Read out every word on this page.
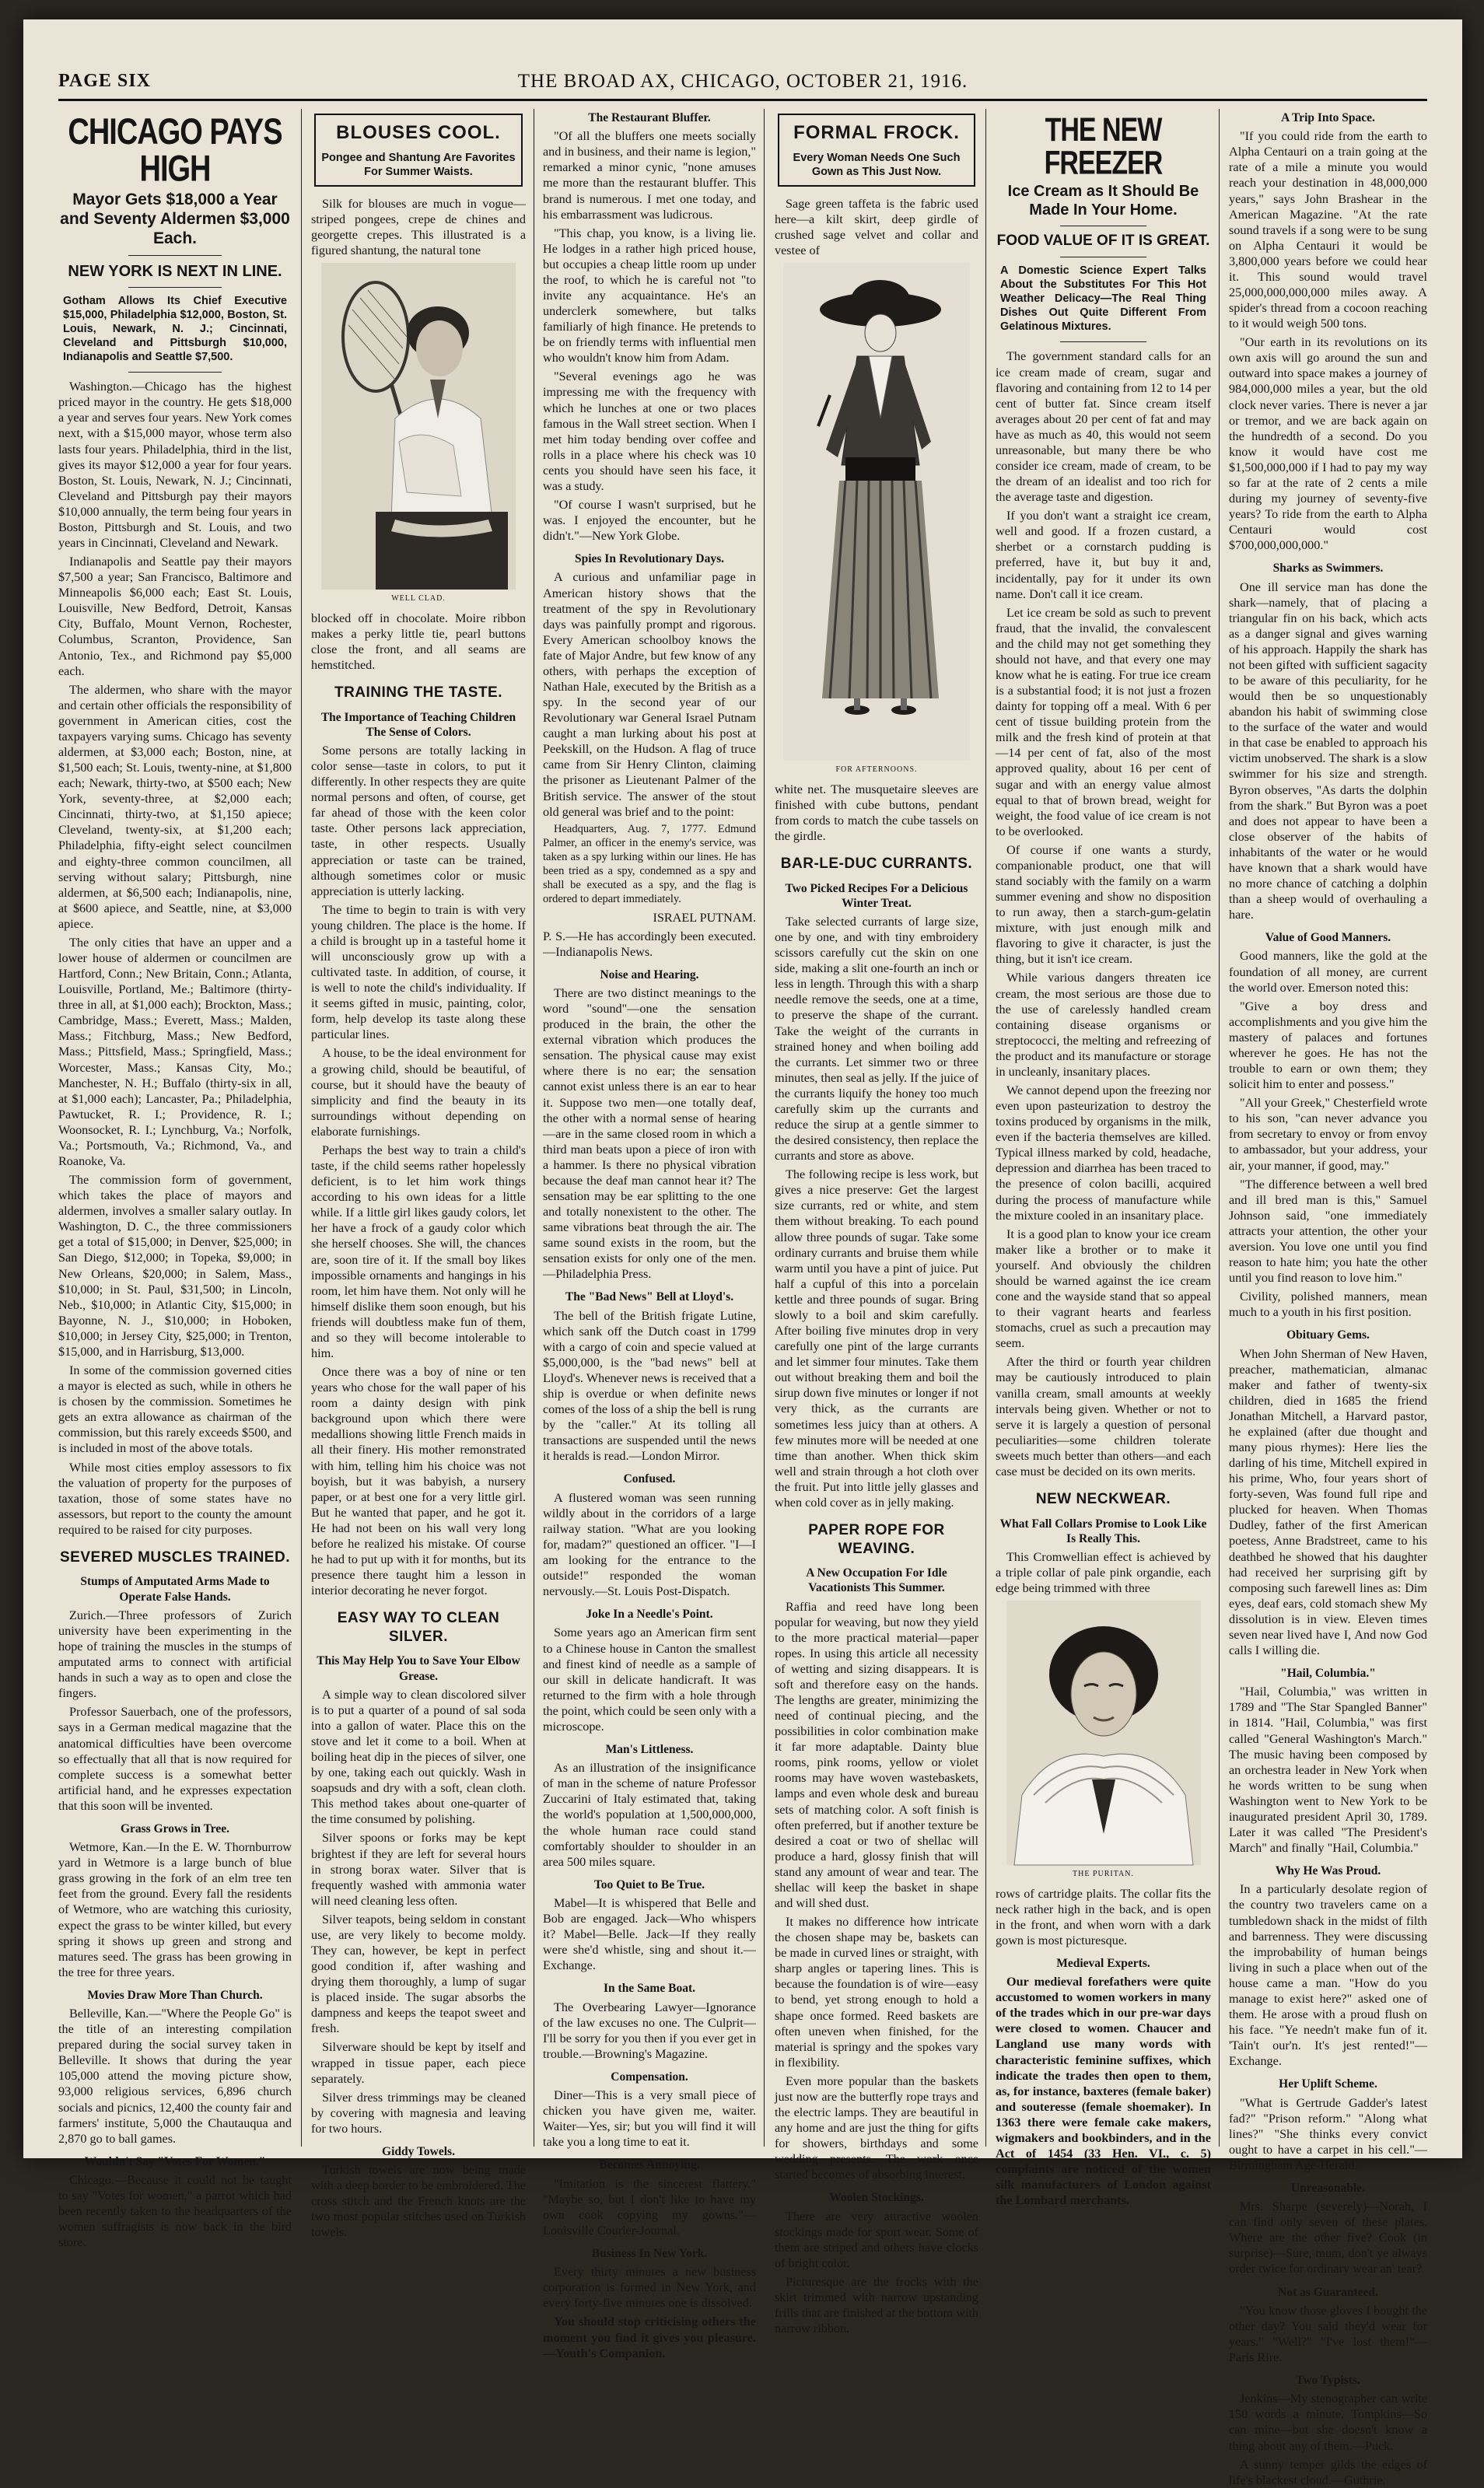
PAGE SIX	THE BROAD AX, CHICAGO, OCTOBER 21, 1916.
CHICAGO PAYS HIGH
Mayor Gets $18,000 a Year and Seventy Aldermen $3,000 Each.
NEW YORK IS NEXT IN LINE.
Gotham Allows Its Chief Executive $15,000, Philadelphia $12,000, Boston, St. Louis, Newark, N. J.; Cincinnati, Cleveland and Pittsburgh $10,000, Indianapolis and Seattle $7,500.

Washington.—Chicago has the highest priced mayor in the country. He gets $18,000 a year and serves four years. New York comes next, with a $15,000 mayor, whose term also lasts four years. Philadelphia, third in the list, gives its mayor $12,000 a year for four years. Boston, St. Louis, Newark, N. J.; Cincinnati, Cleveland and Pittsburgh pay their mayors $10,000 annually, the term being four years in Boston, Pittsburgh and St. Louis, and two years in Cincinnati, Cleveland and Newark.

Indianapolis and Seattle pay their mayors $7,500 a year; San Francisco, Baltimore and Minneapolis $6,000 each; East St. Louis, Louisville, New Bedford, Detroit, Kansas City, Buffalo, Mount Vernon, Rochester, Columbus, Scranton, Providence, San Antonio, Tex., and Richmond pay $5,000 each.

The aldermen, who share with the mayor and certain other officials the responsibility of government in American cities, cost the taxpayers varying sums. Chicago has seventy aldermen, at $3,000 each; Boston, nine, at $1,500 each; St. Louis, twenty-nine, at $1,800 each; Newark, thirty-two, at $500 each; New York, seventy-three, at $2,000 each; Cincinnati, thirty-two, at $1,150 apiece; Cleveland, twenty-six, at $1,200 each; Philadelphia, fifty-eight select councilmen and eighty-three common councilmen, all serving without salary; Pittsburgh, nine aldermen, at $6,500 each; Indianapolis, nine, at $600 apiece, and Seattle, nine, at $3,000 apiece.

The only cities that have an upper and a lower house of aldermen or councilmen are Hartford, Conn.; New Britain, Conn.; Atlanta, Louisville, Portland, Me.; Baltimore (thirty-three in all, at $1,000 each); Brockton, Mass.; Cambridge, Mass.; Everett, Mass.; Malden, Mass.; Fitchburg, Mass.; New Bedford, Mass.; Pittsfield, Mass.; Springfield, Mass.; Worcester, Mass.; Kansas City, Mo.; Manchester, N. H.; Buffalo (thirty-six in all, at $1,000 each); Lancaster, Pa.; Philadelphia, Pawtucket, R. I.; Providence, R. I.; Woonsocket, R. I.; Lynchburg, Va.; Norfolk, Va.; Portsmouth, Va.; Richmond, Va., and Roanoke, Va.

The commission form of government, which takes the place of mayors and aldermen, involves a smaller salary outlay. In Washington, D. C., the three commissioners get a total of $15,000; in Denver, $25,000; in San Diego, $12,000; in Topeka, $9,000; in New Orleans, $20,000; in Salem, Mass., $10,000; in St. Paul, $31,500; in Lincoln, Neb., $10,000; in Atlantic City, $15,000; in Bayonne, N. J., $10,000; in Hoboken, $10,000; in Jersey City, $25,000; in Trenton, $15,000, and in Harrisburg, $13,000.

In some of the commission governed cities a mayor is elected as such, while in others he is chosen by the commission. Sometimes he gets an extra allowance as chairman of the commission, but this rarely exceeds $500, and is included in most of the above totals.

While most cities employ assessors to fix the valuation of property for the purposes of taxation, those of some states have no assessors, but report to the county the amount required to be raised for city purposes.

SEVERED MUSCLES TRAINED.
Stumps of Amputated Arms Made to Operate False Hands.

Zurich.—Three professors of Zurich university have been experimenting in the hope of training the muscles in the stumps of amputated arms to connect with artificial hands in such a way as to open and close the fingers.

Professor Sauerbach, one of the professors, says in a German medical magazine that the anatomical difficulties have been overcome so effectually that all that is now required for complete success is a somewhat better artificial hand, and he expresses expectation that this soon will be invented.

Grass Grows in Tree.

Wetmore, Kan.—In the E. W. Thornburrow yard in Wetmore is a large bunch of blue grass growing in the fork of an elm tree ten feet from the ground. Every fall the residents of Wetmore, who are watching this curiosity, expect the grass to be winter killed, but every spring it shows up green and strong and matures seed. The grass has been growing in the tree for three years.

Movies Draw More Than Church.

Belleville, Kan.—"Where the People Go" is the title of an interesting compilation prepared during the social survey taken in Belleville. It shows that during the year 105,000 attend the moving picture show, 93,000 religious services, 6,896 church socials and picnics, 12,400 the county fair and farmers' institute, 5,000 the Chautauqua and 2,870 go to ball games.

Wouldn't Say "Votes For Women."

Chicago.—Because it could not be taught to say "Votes for women," a parrot which had been recently taken to the headquarters of the women suffragists is now back in the bird store.

BLOUSES COOL.
Pongee and Shantung Are Favorites For Summer Waists.

Silk for blouses are much in vogue—striped pongees, crepe de chines and georgette crepes. This illustrated is a figured shantung, the natural tone

WELL CLAD.

blocked off in chocolate. Moire ribbon makes a perky little tie, pearl buttons close the front, and all seams are hemstitched.

TRAINING THE TASTE.
The Importance of Teaching Children The Sense of Colors.

Some persons are totally lacking in color sense—taste in colors, to put it differently. In other respects they are quite normal persons and often, of course, get far ahead of those with the keen color taste. Other persons lack appreciation, taste, in other respects. Usually appreciation or taste can be trained, although sometimes color or music appreciation is utterly lacking.

The time to begin to train is with very young children. The place is the home. If a child is brought up in a tasteful home it will unconsciously grow up with a cultivated taste. In addition, of course, it is well to note the child's individuality. If it seems gifted in music, painting, color, form, help develop its taste along these particular lines.

A house, to be the ideal environment for a growing child, should be beautiful, of course, but it should have the beauty of simplicity and find the beauty in its surroundings without depending on elaborate furnishings.

Perhaps the best way to train a child's taste, if the child seems rather hopelessly deficient, is to let him work things according to his own ideas for a little while. If a little girl likes gaudy colors, let her have a frock of a gaudy color which she herself chooses. She will, the chances are, soon tire of it. If the small boy likes impossible ornaments and hangings in his room, let him have them. Not only will he himself dislike them soon enough, but his friends will doubtless make fun of them, and so they will become intolerable to him.

Once there was a boy of nine or ten years who chose for the wall paper of his room a dainty design with pink background upon which there were medallions showing little French maids in all their finery. His mother remonstrated with him, telling him his choice was not boyish, but it was babyish, a nursery paper, or at best one for a very little girl. But he wanted that paper, and he got it. He had not been on his wall very long before he realized his mistake. Of course he had to put up with it for months, but its presence there taught him a lesson in interior decorating he never forgot.

EASY WAY TO CLEAN SILVER.
This May Help You to Save Your Elbow Grease.

A simple way to clean discolored silver is to put a quarter of a pound of sal soda into a gallon of water. Place this on the stove and let it come to a boil. When at boiling heat dip in the pieces of silver, one by one, taking each out quickly. Wash in soapsuds and dry with a soft, clean cloth. This method takes about one-quarter of the time consumed by polishing.

Silver spoons or forks may be kept brightest if they are left for several hours in strong borax water. Silver that is frequently washed with ammonia water will need cleaning less often.

Silver teapots, being seldom in constant use, are very likely to become moldy. They can, however, be kept in perfect good condition if, after washing and drying them thoroughly, a lump of sugar is placed inside. The sugar absorbs the dampness and keeps the teapot sweet and fresh.

Silverware should be kept by itself and wrapped in tissue paper, each piece separately.

Silver dress trimmings may be cleaned by covering with magnesia and leaving for two hours.

Giddy Towels.

Turkish towels are now being made with a deep border to be embroidered. The cross stitch and the French knots are the two most popular stitches used on Turkish towels.

The Restaurant Bluffer.

"Of all the bluffers one meets socially and in business, and their name is legion," remarked a minor cynic, "none amuses me more than the restaurant bluffer. This brand is numerous. I met one today, and his embarrassment was ludicrous.

"This chap, you know, is a living lie. He lodges in a rather high priced house, but occupies a cheap little room up under the roof, to which he is careful not "to invite any acquaintance. He's an underclerk somewhere, but talks familiarly of high finance. He pretends to be on friendly terms with influential men who wouldn't know him from Adam.

"Several evenings ago he was impressing me with the frequency with which he lunches at one or two places famous in the Wall street section. When I met him today bending over coffee and rolls in a place where his check was 10 cents you should have seen his face, it was a study.

"Of course I wasn't surprised, but he was. I enjoyed the encounter, but he didn't."—New York Globe.

Spies In Revolutionary Days.

A curious and unfamiliar page in American history shows that the treatment of the spy in Revolutionary days was painfully prompt and rigorous. Every American schoolboy knows the fate of Major Andre, but few know of any others, with perhaps the exception of Nathan Hale, executed by the British as a spy. In the second year of our Revolutionary war General Israel Putnam caught a man lurking about his post at Peekskill, on the Hudson. A flag of truce came from Sir Henry Clinton, claiming the prisoner as Lieutenant Palmer of the British service. The answer of the stout old general was brief and to the point:

Headquarters, Aug. 7, 1777. Edmund Palmer, an officer in the enemy's service, was taken as a spy lurking within our lines. He has been tried as a spy, condemned as a spy and shall be executed as a spy, and the flag is ordered to depart immediately.

ISRAEL PUTNAM.

P. S.—He has accordingly been executed. —Indianapolis News.

Noise and Hearing.

There are two distinct meanings to the word "sound"—one the sensation produced in the brain, the other the external vibration which produces the sensation. The physical cause may exist where there is no ear; the sensation cannot exist unless there is an ear to hear it. Suppose two men—one totally deaf, the other with a normal sense of hearing—are in the same closed room in which a third man beats upon a piece of iron with a hammer. Is there no physical vibration because the deaf man cannot hear it? The sensation may be ear splitting to the one and totally nonexistent to the other. The same vibrations beat through the air. The same sound exists in the room, but the sensation exists for only one of the men.—Philadelphia Press.

The "Bad News" Bell at Lloyd's.

The bell of the British frigate Lutine, which sank off the Dutch coast in 1799 with a cargo of coin and specie valued at $5,000,000, is the "bad news" bell at Lloyd's. Whenever news is received that a ship is overdue or when definite news comes of the loss of a ship the bell is rung by the "caller." At its tolling all transactions are suspended until the news it heralds is read.—London Mirror.

Confused.

A flustered woman was seen running wildly about in the corridors of a large railway station. "What are you looking for, madam?" questioned an officer. "I—I am looking for the entrance to the outside!" responded the woman nervously.—St. Louis Post-Dispatch.

Joke In a Needle's Point.

Some years ago an American firm sent to a Chinese house in Canton the smallest and finest kind of needle as a sample of our skill in delicate handicraft. It was returned to the firm with a hole through the point, which could be seen only with a microscope.

Man's Littleness.

As an illustration of the insignificance of man in the scheme of nature Professor Zuccarini of Italy estimated that, taking the world's population at 1,500,000,000, the whole human race could stand comfortably shoulder to shoulder in an area 500 miles square.

Too Quiet to Be True.

Mabel—It is whispered that Belle and Bob are engaged. Jack—Who whispers it? Mabel—Belle. Jack—If they really were she'd whistle, sing and shout it.—Exchange.

In the Same Boat.

The Overbearing Lawyer—Ignorance of the law excuses no one. The Culprit—I'll be sorry for you then if you ever get in trouble.—Browning's Magazine.

Compensation.

Diner—This is a very small piece of chicken you have given me, waiter. Waiter—Yes, sir; but you will find it will take you a long time to eat it.

Becomes Annoying.

"Imitation is the sincerest flattery." "Maybe so, but I don't like to have my own cook copying my gowns."—Louisville Courier-Journal.

Business In New York.

Every thirty minutes a new business corporation is formed in New York, and every forty-five minutes one is dissolved.

You should stop criticising others the moment you find it gives you pleasure.—Youth's Companion.

FORMAL FROCK.
Every Woman Needs One Such Gown as This Just Now.

Sage green taffeta is the fabric used here—a kilt skirt, deep girdle of crushed sage velvet and collar and vestee of

FOR AFTERNOONS.

white net. The musquetaire sleeves are finished with cube buttons, pendant from cords to match the cube tassels on the girdle.

BAR-LE-DUC CURRANTS.
Two Picked Recipes For a Delicious Winter Treat.

Take selected currants of large size, one by one, and with tiny embroidery scissors carefully cut the skin on one side, making a slit one-fourth an inch or less in length. Through this with a sharp needle remove the seeds, one at a time, to preserve the shape of the currant. Take the weight of the currants in strained honey and when boiling add the currants. Let simmer two or three minutes, then seal as jelly. If the juice of the currants liquify the honey too much carefully skim up the currants and reduce the sirup at a gentle simmer to the desired consistency, then replace the currants and store as above.

The following recipe is less work, but gives a nice preserve: Get the largest size currants, red or white, and stem them without breaking. To each pound allow three pounds of sugar. Take some ordinary currants and bruise them while warm until you have a pint of juice. Put half a cupful of this into a porcelain kettle and three pounds of sugar. Bring slowly to a boil and skim carefully. After boiling five minutes drop in very carefully one pint of the large currants and let simmer four minutes. Take them out without breaking them and boil the sirup down five minutes or longer if not very thick, as the currants are sometimes less juicy than at others. A few minutes more will be needed at one time than another. When thick skim well and strain through a hot cloth over the fruit. Put into little jelly glasses and when cold cover as in jelly making.

PAPER ROPE FOR WEAVING.
A New Occupation For Idle Vacationists This Summer.

Raffia and reed have long been popular for weaving, but now they yield to the more practical material—paper ropes. In using this article all necessity of wetting and sizing disappears. It is soft and therefore easy on the hands. The lengths are greater, minimizing the need of continual piecing, and the possibilities in color combination make it far more adaptable. Dainty blue rooms, pink rooms, yellow or violet rooms may have woven wastebaskets, lamps and even whole desk and bureau sets of matching color. A soft finish is often preferred, but if another texture be desired a coat or two of shellac will produce a hard, glossy finish that will stand any amount of wear and tear. The shellac will keep the basket in shape and will shed dust.

It makes no difference how intricate the chosen shape may be, baskets can be made in curved lines or straight, with sharp angles or tapering lines. This is because the foundation is of wire—easy to bend, yet strong enough to hold a shape once formed. Reed baskets are often uneven when finished, for the material is springy and the spokes vary in flexibility.

Even more popular than the baskets just now are the butterfly rope trays and the electric lamps. They are beautiful in any home and are just the thing for gifts for showers, birthdays and some wedding presents. The work once started becomes of absorbing interest.

Woolen Stockings.

There are very attractive woolen stockings made for sport wear. Some of them are striped and others have clocks of bright color.

Picturesque are the frocks with the skirt trimmed with narrow upstanding frills that are finished at the bottom with narrow ribbon.

THE NEW FREEZER
Ice Cream as It Should Be Made In Your Home.
FOOD VALUE OF IT IS GREAT.
A Domestic Science Expert Talks About the Substitutes For This Hot Weather Delicacy—The Real Thing Dishes Out Quite Different From Gelatinous Mixtures.

The government standard calls for an ice cream made of cream, sugar and flavoring and containing from 12 to 14 per cent of butter fat. Since cream itself averages about 20 per cent of fat and may have as much as 40, this would not seem unreasonable, but many there be who consider ice cream, made of cream, to be the dream of an idealist and too rich for the average taste and digestion.

If you don't want a straight ice cream, well and good. If a frozen custard, a sherbet or a cornstarch pudding is preferred, have it, but buy it and, incidentally, pay for it under its own name. Don't call it ice cream.

Let ice cream be sold as such to prevent fraud, that the invalid, the convalescent and the child may not get something they should not have, and that every one may know what he is eating. For true ice cream is a substantial food; it is not just a frozen dainty for topping off a meal. With 6 per cent of tissue building protein from the milk and the fresh kind of protein at that—14 per cent of fat, also of the most approved quality, about 16 per cent of sugar and with an energy value almost equal to that of brown bread, weight for weight, the food value of ice cream is not to be overlooked.

Of course if one wants a sturdy, companionable product, one that will stand sociably with the family on a warm summer evening and show no disposition to run away, then a starch-gum-gelatin mixture, with just enough milk and flavoring to give it character, is just the thing, but it isn't ice cream.

While various dangers threaten ice cream, the most serious are those due to the use of carelessly handled cream containing disease organisms or streptococci, the melting and refreezing of the product and its manufacture or storage in uncleanly, insanitary places.

We cannot depend upon the freezing nor even upon pasteurization to destroy the toxins produced by organisms in the milk, even if the bacteria themselves are killed. Typical illness marked by cold, headache, depression and diarrhea has been traced to the presence of colon bacilli, acquired during the process of manufacture while the mixture cooled in an insanitary place.

It is a good plan to know your ice cream maker like a brother or to make it yourself. And obviously the children should be warned against the ice cream cone and the wayside stand that so appeal to their vagrant hearts and fearless stomachs, cruel as such a precaution may seem.

After the third or fourth year children may be cautiously introduced to plain vanilla cream, small amounts at weekly intervals being given. Whether or not to serve it is largely a question of personal peculiarities—some children tolerate sweets much better than others—and each case must be decided on its own merits.

NEW NECKWEAR.
What Fall Collars Promise to Look Like Is Really This.

This Cromwellian effect is achieved by a triple collar of pale pink organdie, each edge being trimmed with three

THE PURITAN.

rows of cartridge plaits. The collar fits the neck rather high in the back, and is open in the front, and when worn with a dark gown is most picturesque.

Medieval Experts.

Our medieval forefathers were quite accustomed to women workers in many of the trades which in our pre-war days were closed to women. Chaucer and Langland use many words with characteristic feminine suffixes, which indicate the trades then open to them, as, for instance, baxteres (female baker) and souteresse (female shoemaker). In 1363 there were female cake makers, wigmakers and bookbinders, and in the Act of 1454 (33 Hen. VI., c. 5) complaints are noticed of the women silk manufacturers of London against the Lombard merchants.

A Trip Into Space.

"If you could ride from the earth to Alpha Centauri on a train going at the rate of a mile a minute you would reach your destination in 48,000,000 years," says John Brashear in the American Magazine. "At the rate sound travels if a song were to be sung on Alpha Centauri it would be 3,800,000 years before we could hear it. This sound would travel 25,000,000,000,000 miles away. A spider's thread from a cocoon reaching to it would weigh 500 tons.

"Our earth in its revolutions on its own axis will go around the sun and outward into space makes a journey of 984,000,000 miles a year, but the old clock never varies. There is never a jar or tremor, and we are back again on the hundredth of a second. Do you know it would have cost me $1,500,000,000 if I had to pay my way so far at the rate of 2 cents a mile during my journey of seventy-five years? To ride from the earth to Alpha Centauri would cost $700,000,000,000."

Sharks as Swimmers.

One ill service man has done the shark—namely, that of placing a triangular fin on his back, which acts as a danger signal and gives warning of his approach. Happily the shark has not been gifted with sufficient sagacity to be aware of this peculiarity, for he would then be so unquestionably abandon his habit of swimming close to the surface of the water and would in that case be enabled to approach his victim unobserved. The shark is a slow swimmer for his size and strength. Byron observes, "As darts the dolphin from the shark." But Byron was a poet and does not appear to have been a close observer of the habits of inhabitants of the water or he would have known that a shark would have no more chance of catching a dolphin than a sheep would of overhauling a hare.

Value of Good Manners.

Good manners, like the gold at the foundation of all money, are current the world over. Emerson noted this:

"Give a boy dress and accomplishments and you give him the mastery of palaces and fortunes wherever he goes. He has not the trouble to earn or own them; they solicit him to enter and possess."

"All your Greek," Chesterfield wrote to his son, "can never advance you from secretary to envoy or from envoy to ambassador, but your address, your air, your manner, if good, may."

"The difference between a well bred and ill bred man is this," Samuel Johnson said, "one immediately attracts your attention, the other your aversion. You love one until you find reason to hate him; you hate the other until you find reason to love him."

Civility, polished manners, mean much to a youth in his first position.

Obituary Gems.

When John Sherman of New Haven, preacher, mathematician, almanac maker and father of twenty-six children, died in 1685 the friend Jonathan Mitchell, a Harvard pastor, he explained (after due thought and many pious rhymes): Here lies the darling of his time, Mitchell expired in his prime, Who, four years short of forty-seven, Was found full ripe and plucked for heaven. When Thomas Dudley, father of the first American poetess, Anne Bradstreet, came to his deathbed he showed that his daughter had received her surprising gift by composing such farewell lines as: Dim eyes, deaf ears, cold stomach shew My dissolution is in view. Eleven times seven near lived have I, And now God calls I willing die.

"Hail, Columbia."

"Hail, Columbia," was written in 1789 and "The Star Spangled Banner" in 1814. "Hail, Columbia," was first called "General Washington's March." The music having been composed by an orchestra leader in New York when he words written to be sung when Washington went to New York to be inaugurated president April 30, 1789. Later it was called "The President's March" and finally "Hail, Columbia."

Why He Was Proud.

In a particularly desolate region of the country two travelers came on a tumbledown shack in the midst of filth and barrenness. They were discussing the improbability of human beings living in such a place when out of the house came a man. "How do you manage to exist here?" asked one of them. He arose with a proud flush on his face. "Ye needn't make fun of it. 'Tain't our'n. It's jest rented!"—Exchange.

Her Uplift Scheme.

"What is Gertrude Gadder's latest fad?" "Prison reform." "Along what lines?" "She thinks every convict ought to have a carpet in his cell."—Birmingham Age-Herald.

Unreasonable.

Mrs. Sharpe (severely)—Norah, I can find only seven of these plates. Where are the other five? Cook (in surprise)—Sure, mum, don't ye always order twice for ordinary wear an' tear?

Not as Guaranteed.

"You know those gloves I bought the other day? You said they'd wear for years." "Well?" "I've lost them!"—Paris Rire.

Two Typists.

Jenkins—My stenographer can write 150 words a minute. Tompkins—So can mine—but she doesn't know a thing about any of them.—Puck.

A sunny temper gilds the edges of life's blackest cloud.—Guthrie.
